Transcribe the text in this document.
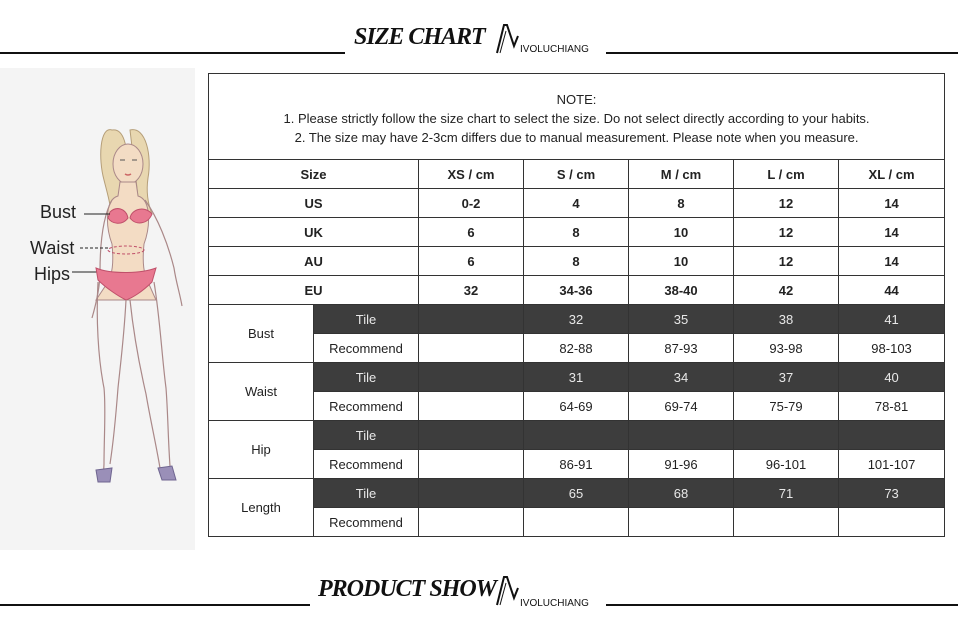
SIZE CHART	IVOLUCHIANG
Bust
Waist
Hips
NOTE:
1. Please strictly follow the size chart to select the size. Do not select directly according to your habits.
2. The size may have 2-3cm differs due to manual measurement. Please note when you measure.						

Size		XS / cm	S / cm	M / cm	L / cm	XL / cm
US		0-2	4	8	12	14
UK		6	8	10	12	14
AU		6	8	10	12	14
EU		32	34-36	38-40	42	44
Bust	Tile		32	35	38	41
	Recommend		82-88	87-93	93-98	98-103
Waist	Tile		31	34	37	40
	Recommend		64-69	69-74	75-79	78-81
Hip	Tile					
	Recommend		86-91	91-96	96-101	101-107
Length	Tile		65	68	71	73
	Recommend					
PRODUCT SHOW
IVOLUCHIANG
